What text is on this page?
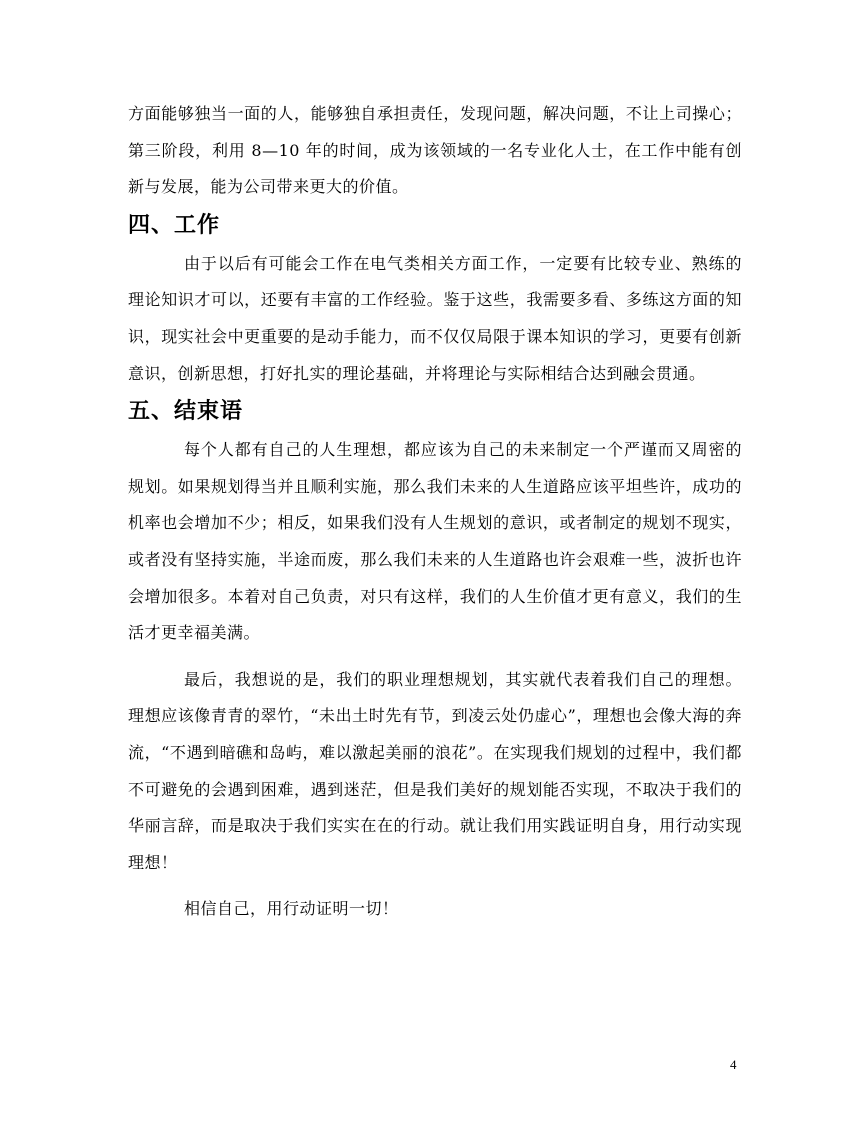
方面能够独当一面的人，能够独自承担责任，发现问题，解决问题，不让上司操心；第三阶段，利用 8—10 年的时间，成为该领域的一名专业化人士，在工作中能有创新与发展，能为公司带来更大的价值。

四、工作

由于以后有可能会工作在电气类相关方面工作，一定要有比较专业、熟练的理论知识才可以，还要有丰富的工作经验。鉴于这些，我需要多看、多练这方面的知识，现实社会中更重要的是动手能力，而不仅仅局限于课本知识的学习，更要有创新意识，创新思想，打好扎实的理论基础，并将理论与实际相结合达到融会贯通。

五、结束语

每个人都有自己的人生理想，都应该为自己的未来制定一个严谨而又周密的规划。如果规划得当并且顺利实施，那么我们未来的人生道路应该平坦些许，成功的机率也会增加不少；相反，如果我们没有人生规划的意识，或者制定的规划不现实，或者没有坚持实施，半途而废，那么我们未来的人生道路也许会艰难一些，波折也许会增加很多。本着对自己负责，对只有这样，我们的人生价值才更有意义，我们的生活才更幸福美满。

最后，我想说的是，我们的职业理想规划，其实就代表着我们自己的理想。理想应该像青青的翠竹，“未出土时先有节，到凌云处仍虚心”，理想也会像大海的奔流，“不遇到暗礁和岛屿，难以激起美丽的浪花”。在实现我们规划的过程中，我们都不可避免的会遇到困难，遇到迷茫，但是我们美好的规划能否实现，不取决于我们的华丽言辞，而是取决于我们实实在在的行动。就让我们用实践证明自身，用行动实现理想！

相信自己，用行动证明一切！

4
